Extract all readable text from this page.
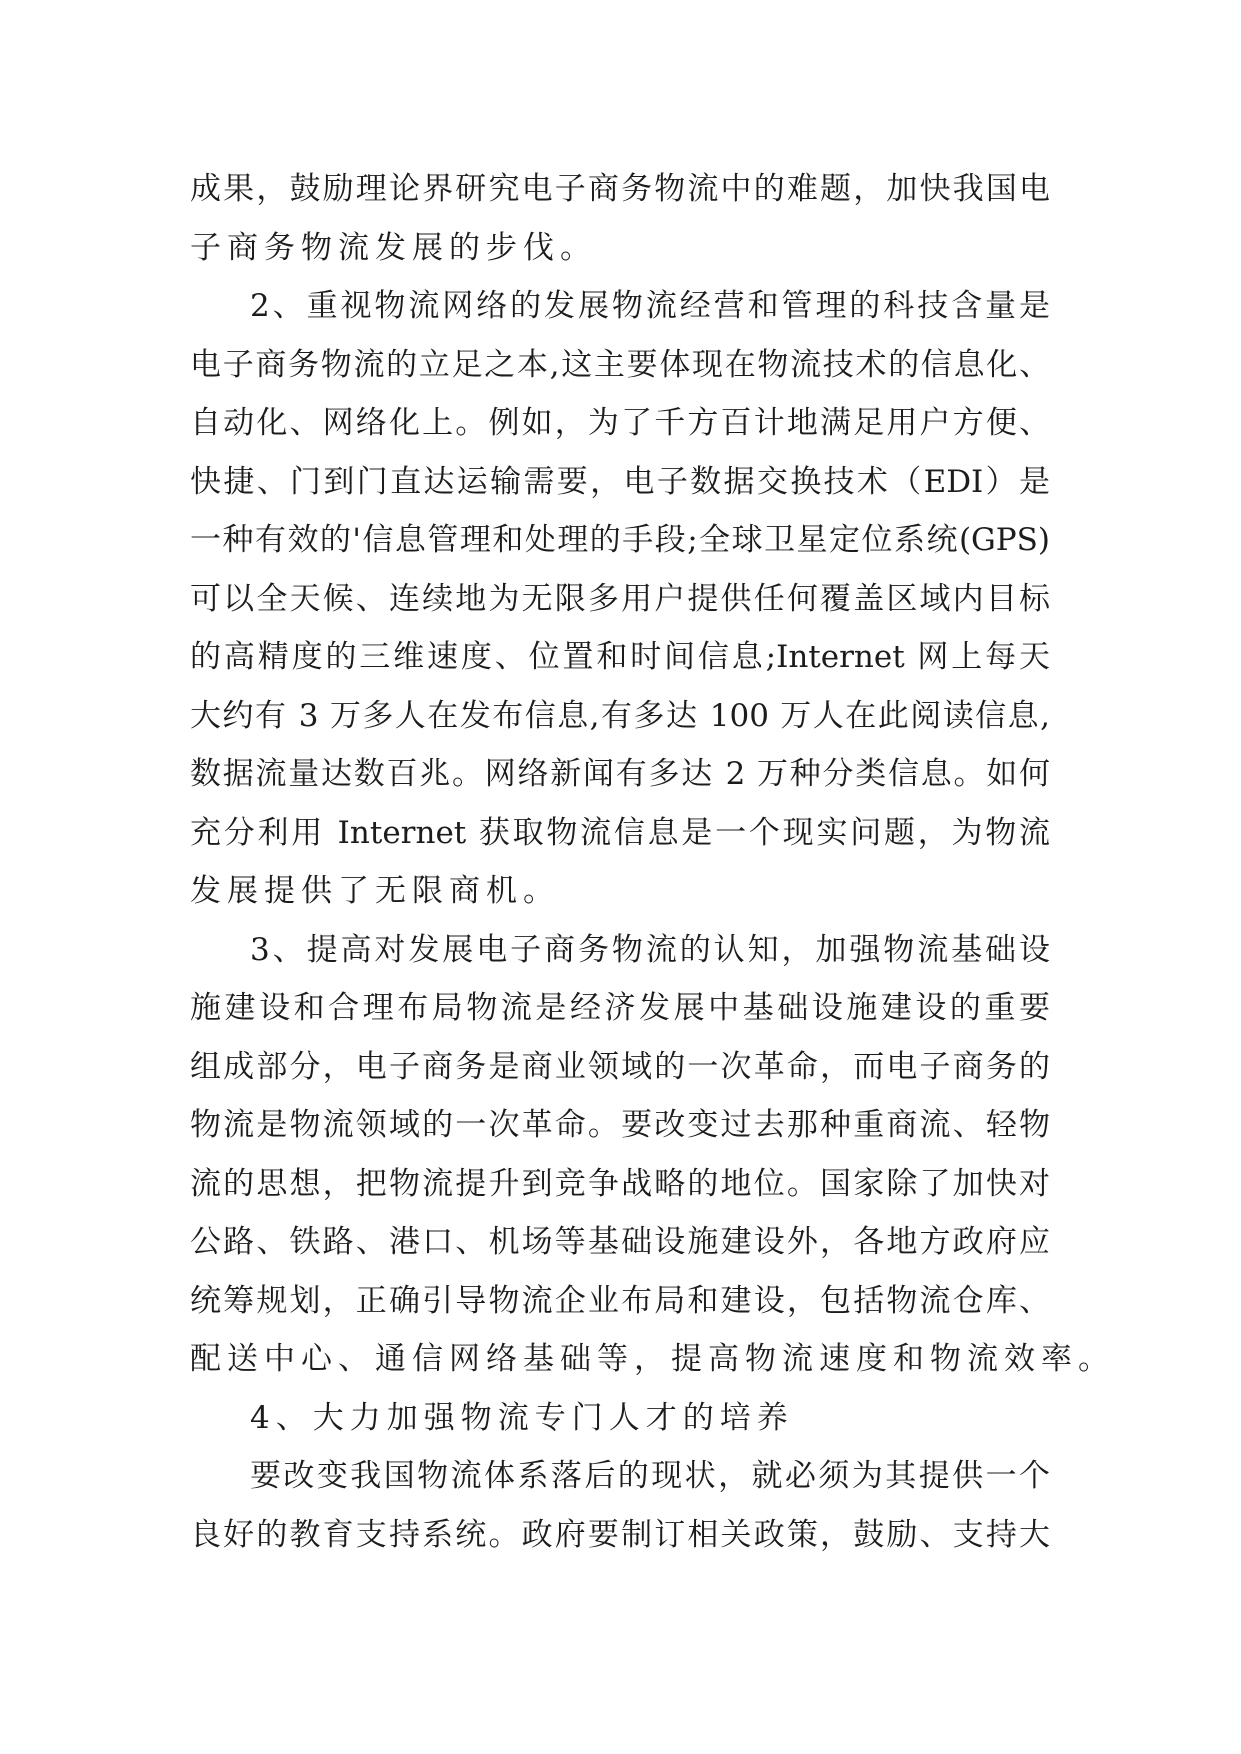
成果，鼓励理论界研究电子商务物流中的难题，加快我国电
子商务物流发展的步伐。
2、重视物流网络的发展物流经营和管理的科技含量是
电子商务物流的立足之本,这主要体现在物流技术的信息化、
自动化、网络化上。例如，为了千方百计地满足用户方便、
快捷、门到门直达运输需要，电子数据交换技术（EDI）是
一种有效的'信息管理和处理的手段;全球卫星定位系统(GPS)
可以全天候、连续地为无限多用户提供任何覆盖区域内目标
的高精度的三维速度、位置和时间信息;Internet 网上每天
大约有 3 万多人在发布信息,有多达 100 万人在此阅读信息,
数据流量达数百兆。网络新闻有多达 2 万种分类信息。如何
充分利用 Internet 获取物流信息是一个现实问题，为物流
发展提供了无限商机。
3、提高对发展电子商务物流的认知，加强物流基础设
施建设和合理布局物流是经济发展中基础设施建设的重要
组成部分，电子商务是商业领域的一次革命，而电子商务的
物流是物流领域的一次革命。要改变过去那种重商流、轻物
流的思想，把物流提升到竞争战略的地位。国家除了加快对
公路、铁路、港口、机场等基础设施建设外，各地方政府应
统筹规划，正确引导物流企业布局和建设，包括物流仓库、
配送中心、通信网络基础等，提高物流速度和物流效率。
4、大力加强物流专门人才的培养
要改变我国物流体系落后的现状，就必须为其提供一个
良好的教育支持系统。政府要制订相关政策，鼓励、支持大
